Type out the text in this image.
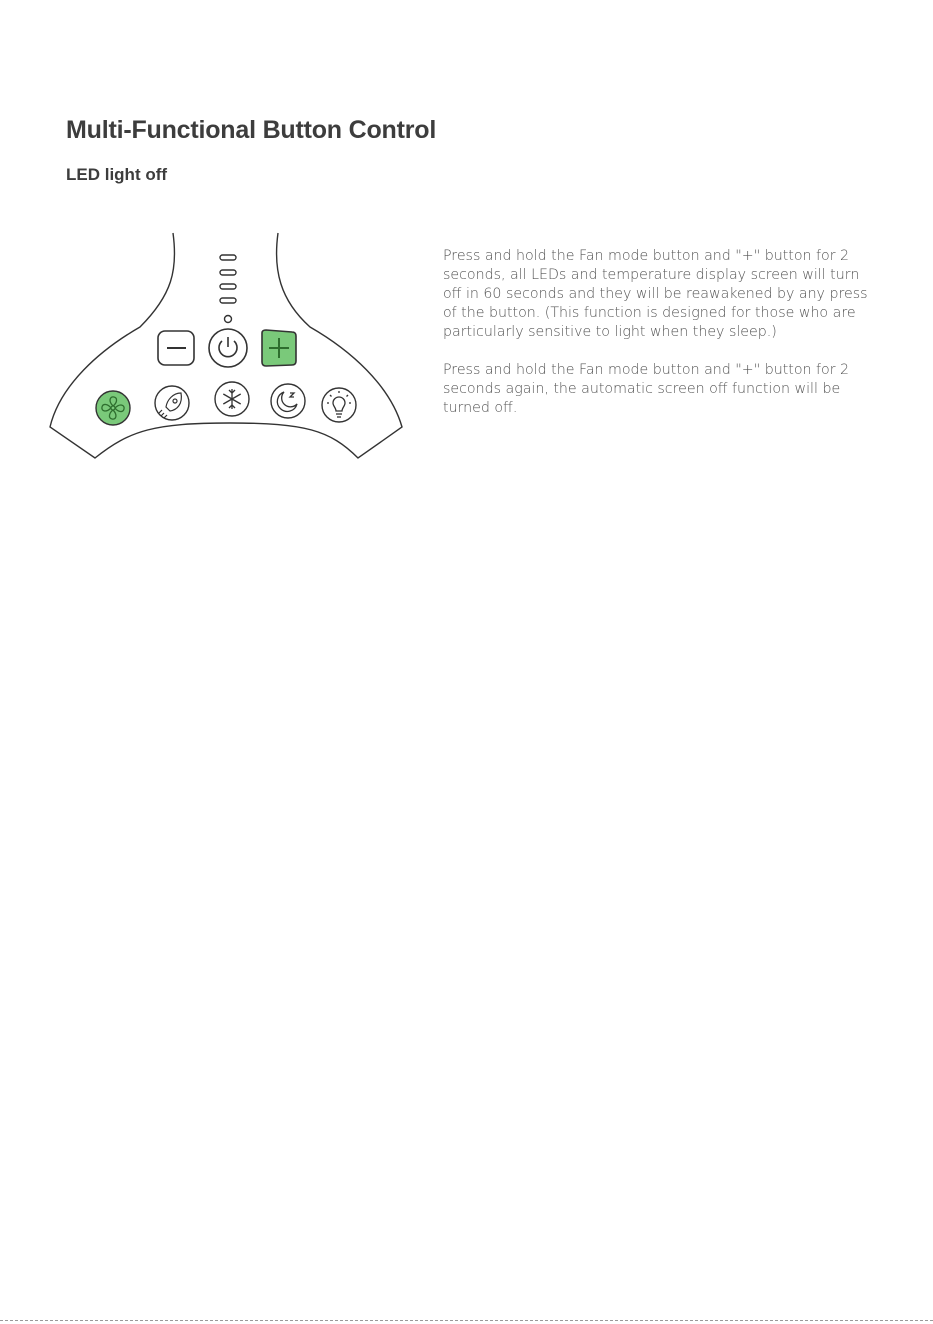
Multi-Functional Button Control
LED light off

Press and hold the Fan mode button and "+" button for 2 seconds, all LEDs and temperature display screen will turn off in 60 seconds and they will be reawakened by any press of the button. (This function is designed for those who are particularly sensitive to light when they sleep.)

Press and hold the Fan mode button and "+" button for 2 seconds again, the automatic screen off function will be turned off.
